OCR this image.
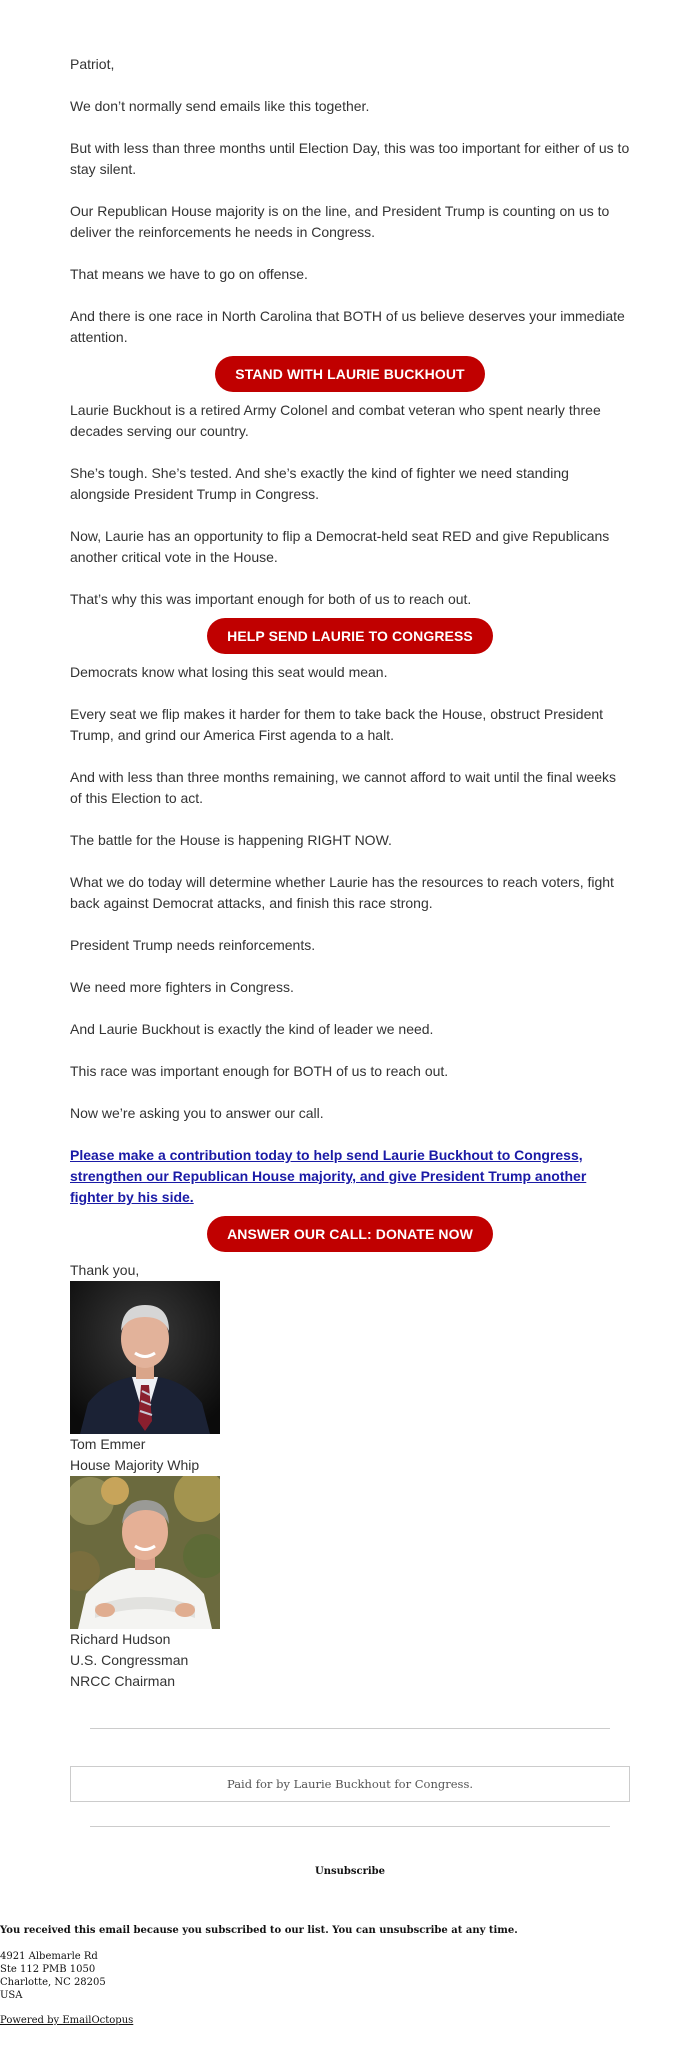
Patriot,

We don’t normally send emails like this together.

But with less than three months until Election Day, this was too important for either of us to stay silent.

Our Republican House majority is on the line, and President Trump is counting on us to deliver the reinforcements he needs in Congress.

That means we have to go on offense.

And there is one race in North Carolina that BOTH of us believe deserves your immediate attention.

STAND WITH LAURIE BUCKHOUT

Laurie Buckhout is a retired Army Colonel and combat veteran who spent nearly three decades serving our country.

She’s tough. She’s tested. And she’s exactly the kind of fighter we need standing alongside President Trump in Congress.

Now, Laurie has an opportunity to flip a Democrat-held seat RED and give Republicans another critical vote in the House.

That’s why this was important enough for both of us to reach out.

HELP SEND LAURIE TO CONGRESS

Democrats know what losing this seat would mean.

Every seat we flip makes it harder for them to take back the House, obstruct President Trump, and grind our America First agenda to a halt.

And with less than three months remaining, we cannot afford to wait until the final weeks of this Election to act.

The battle for the House is happening RIGHT NOW.

What we do today will determine whether Laurie has the resources to reach voters, fight back against Democrat attacks, and finish this race strong.

President Trump needs reinforcements.

We need more fighters in Congress.

And Laurie Buckhout is exactly the kind of leader we need.

This race was important enough for BOTH of us to reach out.

Now we’re asking you to answer our call.

Please make a contribution today to help send Laurie Buckhout to Congress, strengthen our Republican House majority, and give President Trump another fighter by his side.

ANSWER OUR CALL: DONATE NOW

Thank you,

Tom Emmer
House Majority Whip
Richard Hudson
U.S. Congressman
NRCC Chairman
Paid for by Laurie Buckhout for Congress.
Unsubscribe
You received this email because you subscribed to our list. You can unsubscribe at any time.
4921 Albemarle Rd
Ste 112 PMB 1050
Charlotte, NC 28205
USA
Powered by EmailOctopus
